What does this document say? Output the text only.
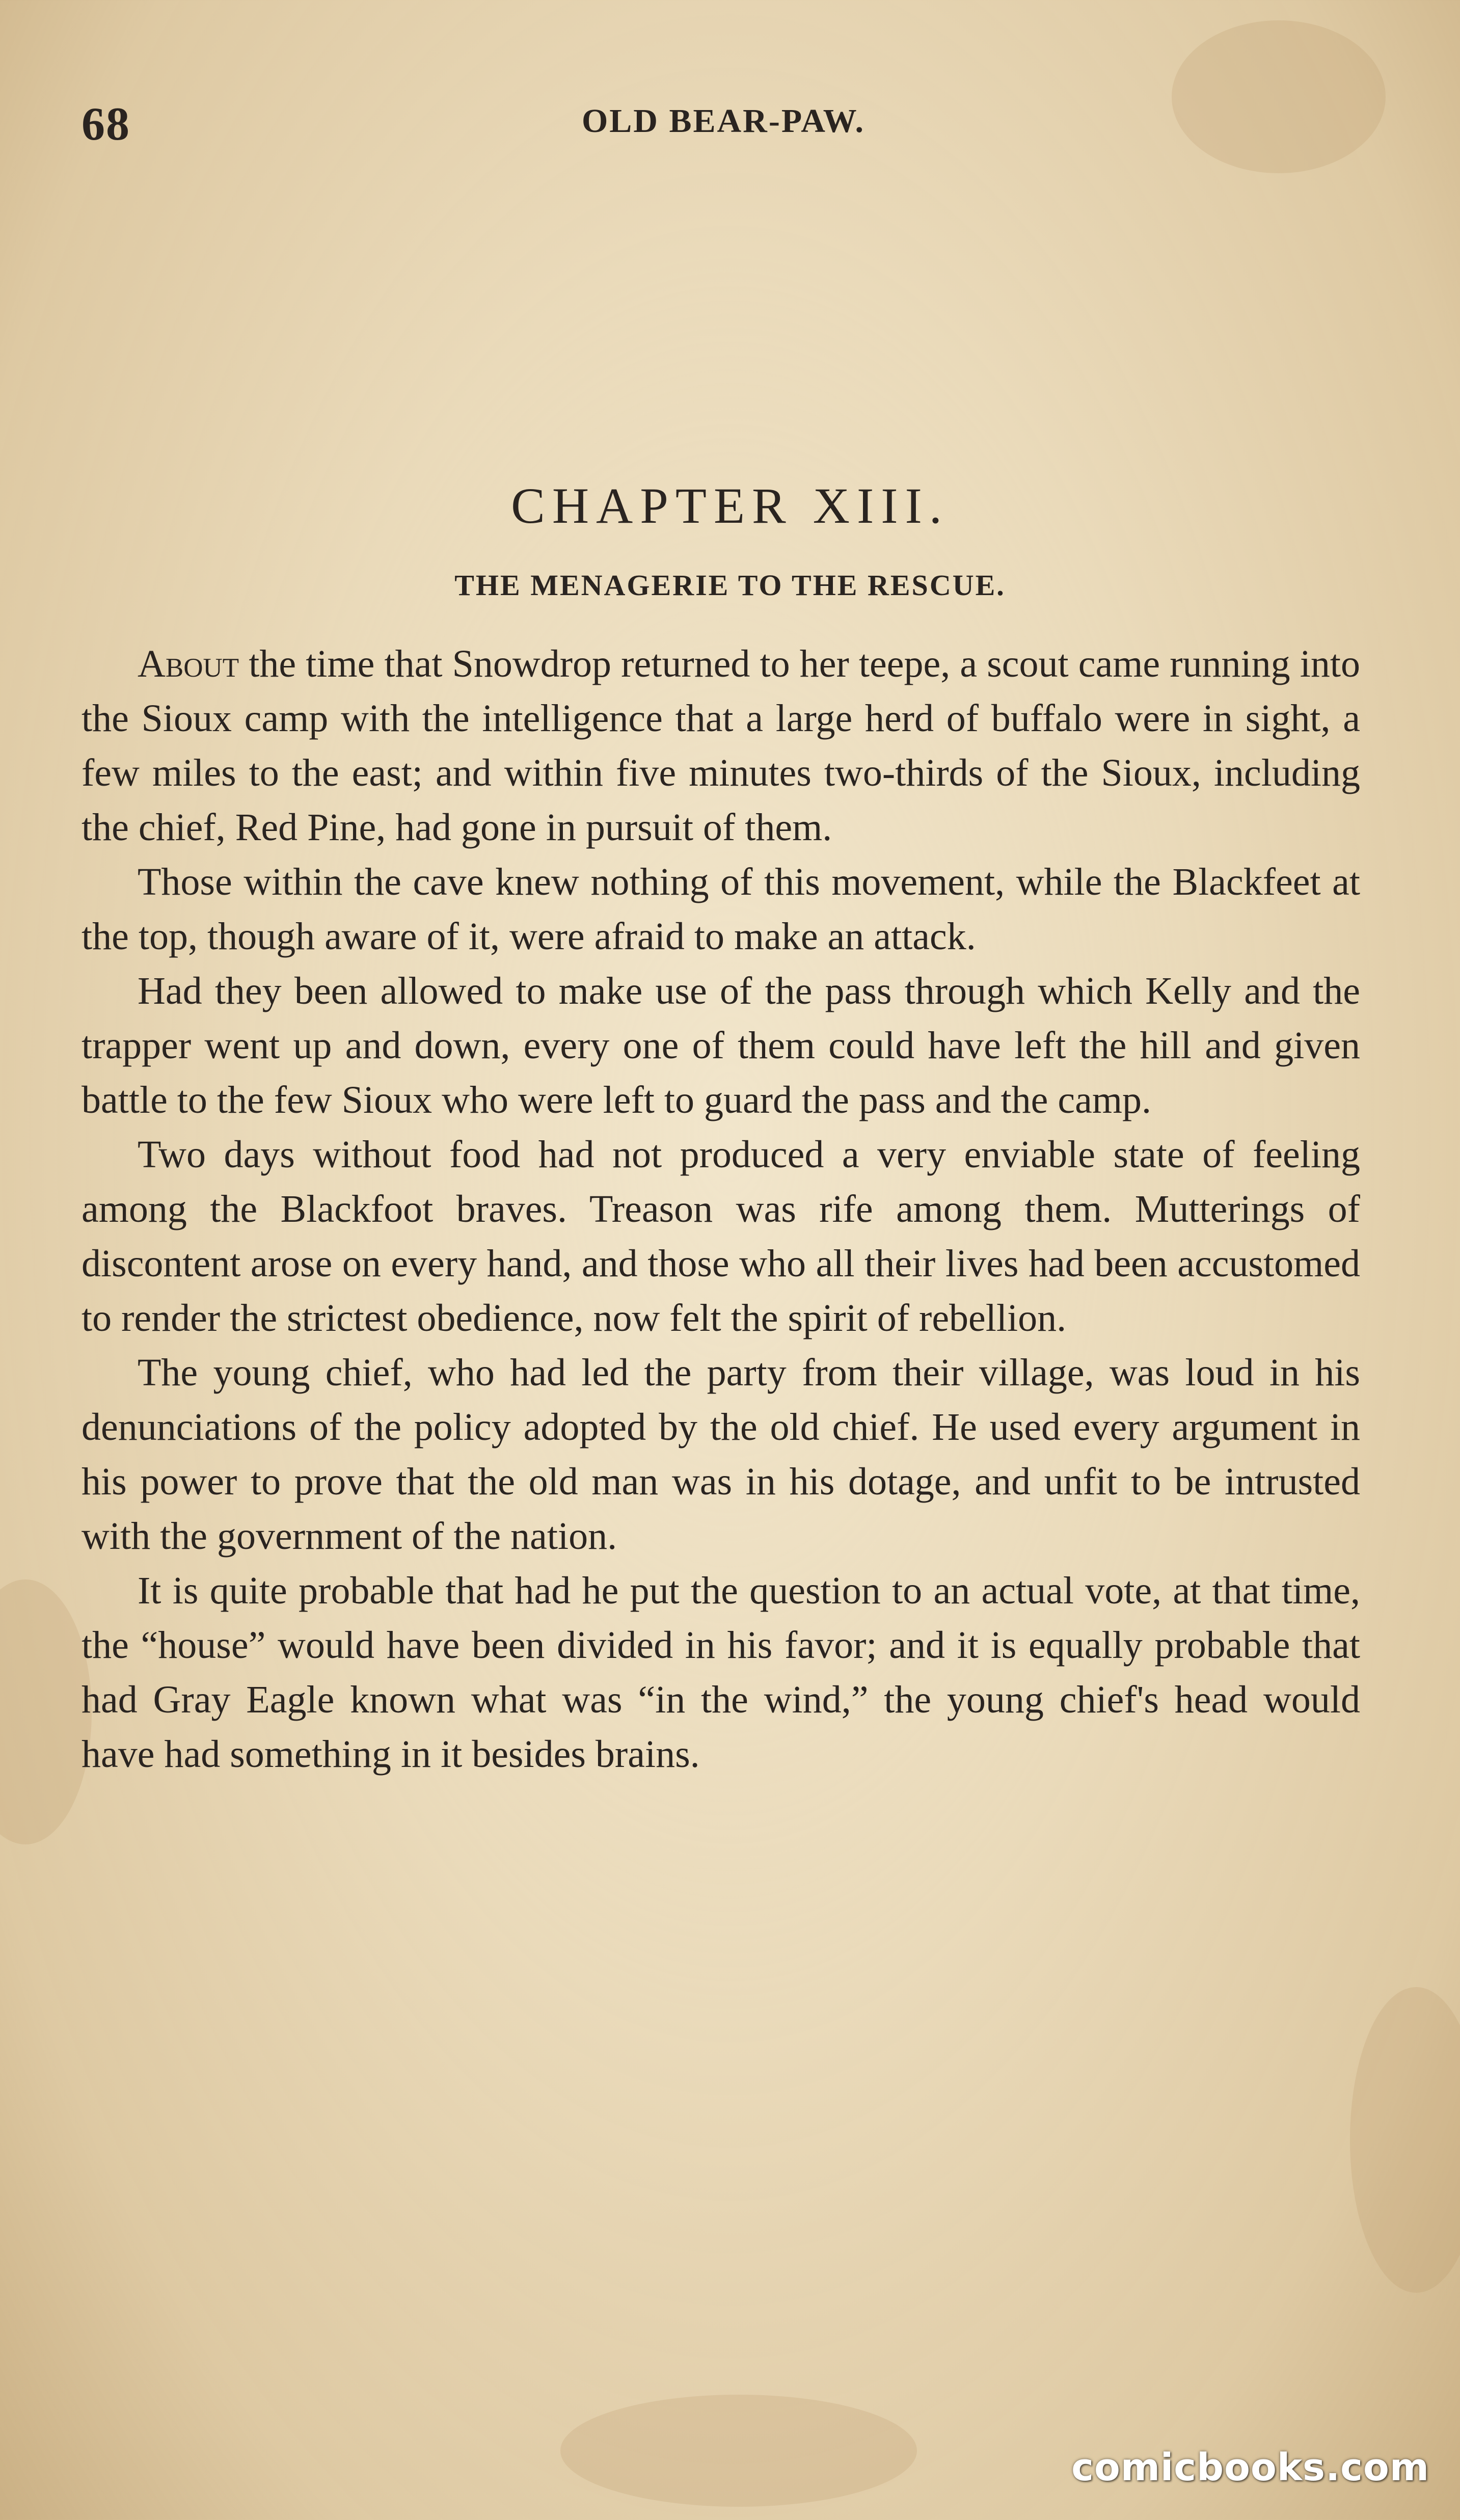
68	OLD BEAR-PAW.
CHAPTER XIII.
THE MENAGERIE TO THE RESCUE.

About the time that Snowdrop returned to her teepe, a scout came running into the Sioux camp with the intelligence that a large herd of buffalo were in sight, a few miles to the east; and within five minutes two-thirds of the Sioux, including the chief, Red Pine, had gone in pursuit of them.

Those within the cave knew nothing of this movement, while the Blackfeet at the top, though aware of it, were afraid to make an attack.

Had they been allowed to make use of the pass through which Kelly and the trapper went up and down, every one of them could have left the hill and given battle to the few Sioux who were left to guard the pass and the camp.

Two days without food had not produced a very enviable state of feeling among the Blackfoot braves. Treason was rife among them. Mutterings of discontent arose on every hand, and those who all their lives had been accustomed to render the strictest obedience, now felt the spirit of rebellion.

The young chief, who had led the party from their village, was loud in his denunciations of the policy adopted by the old chief. He used every argument in his power to prove that the old man was in his dotage, and unfit to be intrusted with the government of the nation.

It is quite probable that had he put the question to an actual vote, at that time, the “house” would have been divided in his favor; and it is equally probable that had Gray Eagle known what was “in the wind,” the young chief's head would have had something in it besides brains.

comicbooks.com
